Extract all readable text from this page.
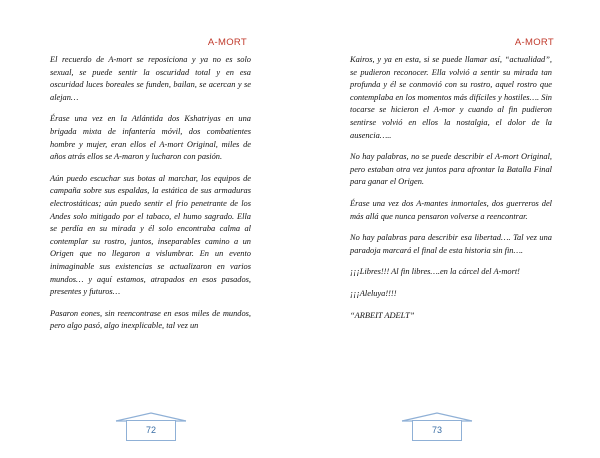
A-MORT

El recuerdo de A-mort se reposiciona y ya no es solo sexual, se puede sentir la oscuridad total y en esa oscuridad luces boreales se funden, bailan, se acercan y se alejan…

Érase una vez en la Atlántida dos Kshatriyas en una brigada mixta de infantería móvil, dos combatientes hombre y mujer, eran ellos el A-mort Original, miles de años atrás ellos se A-maron y lucharon con pasión.

Aún puedo escuchar sus botas al marchar, los equipos de campaña sobre sus espaldas, la estática de sus armaduras electrostáticas; aún puedo sentir el frio penetrante de los Andes solo mitigado por el tabaco, el humo sagrado. Ella se perdía en su mirada y él solo encontraba calma al contemplar su rostro, juntos, inseparables camino a un Origen que no llegaron a vislumbrar. En un evento inimaginable sus existencias se actualizaron en varios mundos… y aquí estamos, atrapados en esos pasados, presentes y futuros…

Pasaron eones, sin reencontrase en esos miles de mundos, pero algo pasó, algo inexplicable, tal vez un

72
A-MORT

Kairos, y ya en esta, si se puede llamar así, “actualidad”, se pudieron reconocer. Ella volvió a sentir su mirada tan profunda y él se conmovió con su rostro, aquel rostro que contemplaba en los momentos más difíciles y hostiles…. Sin tocarse se hicieron el A-mor y cuando al fin pudieron sentirse volvió en ellos la nostalgia, el dolor de la ausencia…..

No hay palabras, no se puede describir el A-mort Original, pero estaban otra vez juntos para afrontar la Batalla Final para ganar el Origen.

Érase una vez dos A-mantes inmortales, dos guerreros del más allá que nunca pensaron volverse a reencontrar.

No hay palabras para describir esa libertad…. Tal vez una paradoja marcará el final de esta historia sin fin….

¡¡¡Libres!!! Al fin libres….en la cárcel del A-mort!

¡¡¡Aleluya!!!!

“ARBEIT ADELT”

73
